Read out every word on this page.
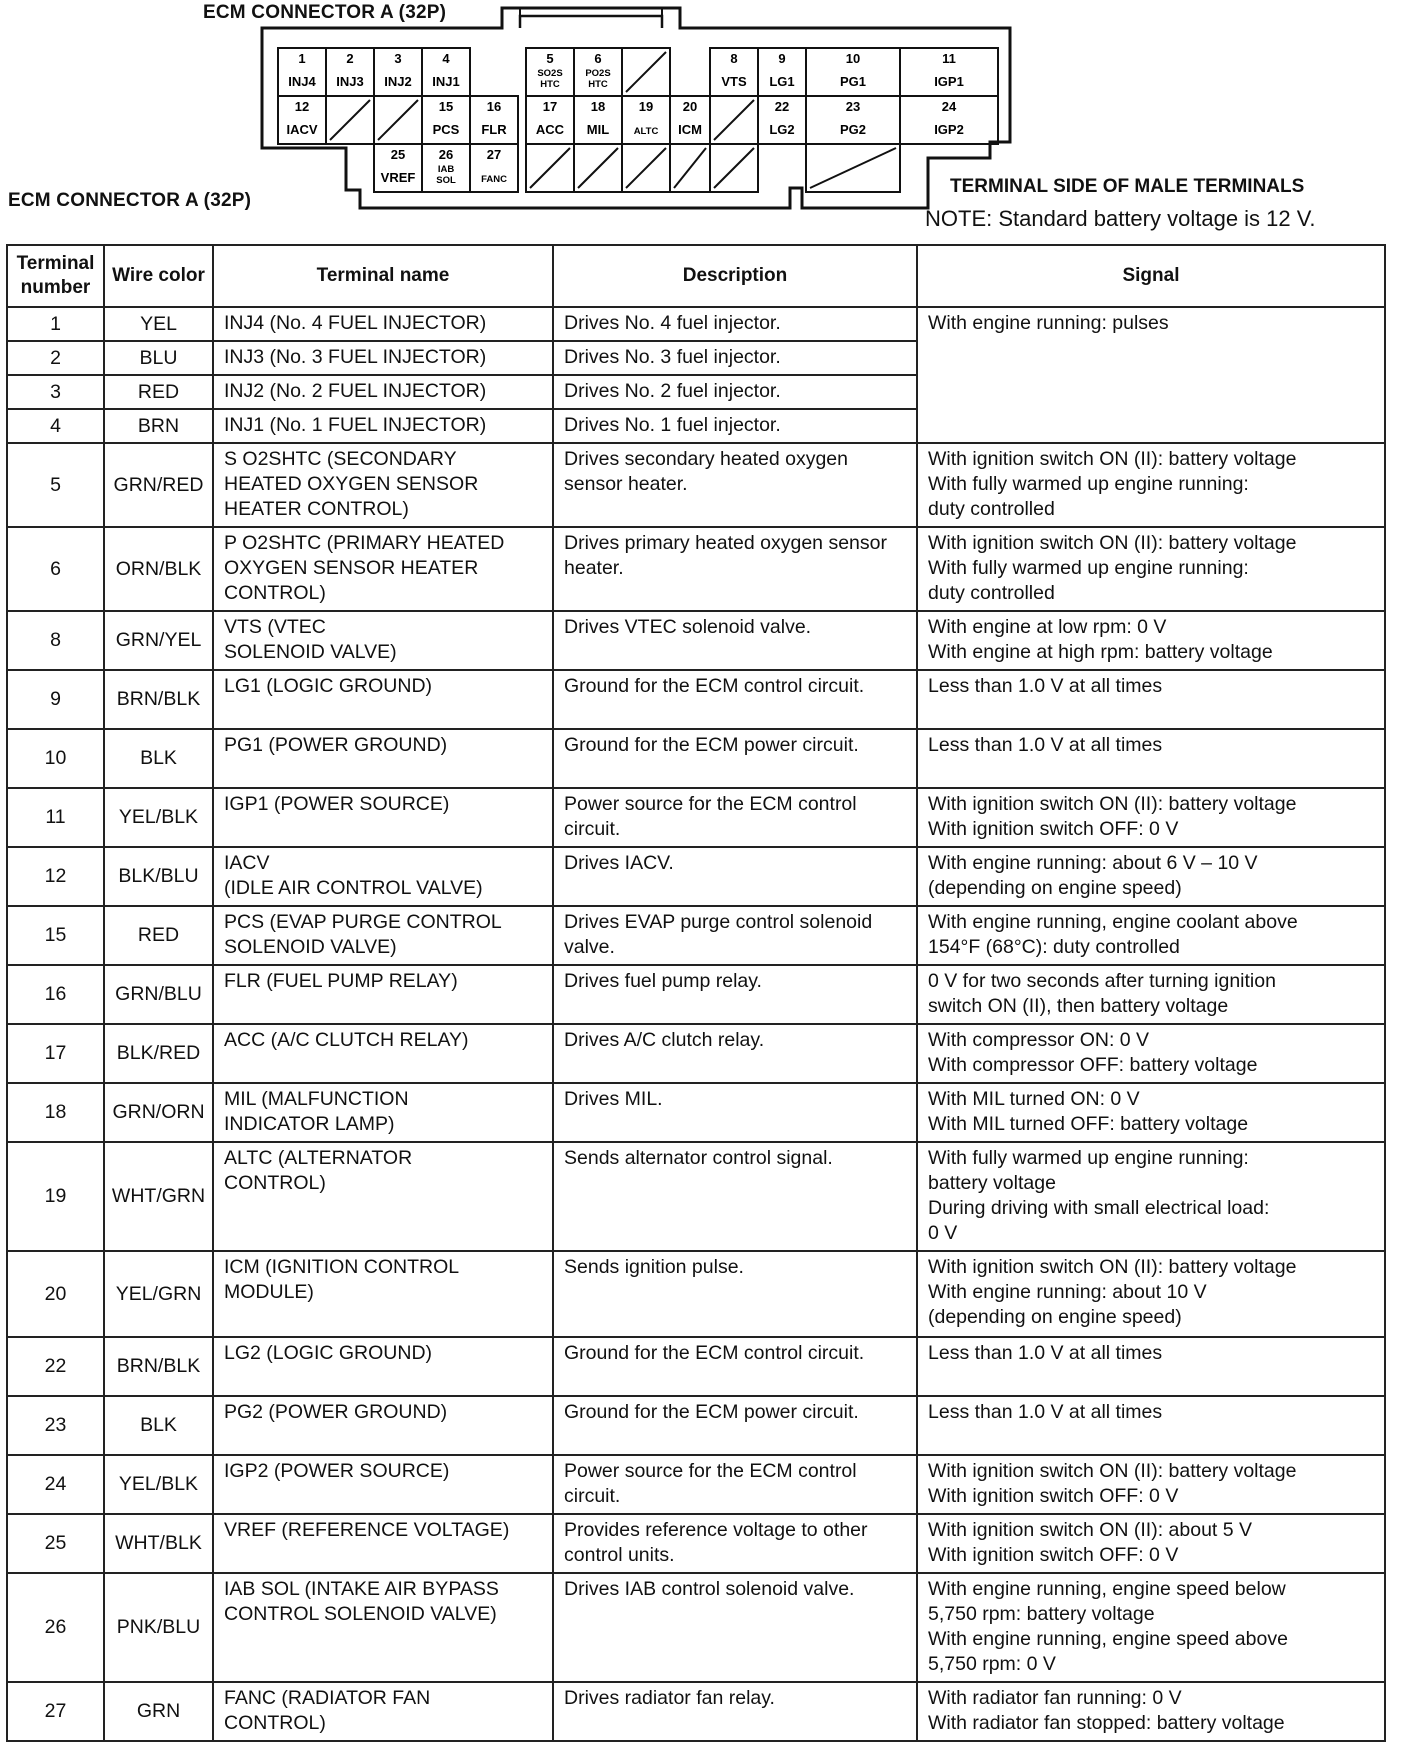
ECM CONNECTOR A (32P)
ECM CONNECTOR A (32P)
TERMINAL SIDE OF MALE TERMINALS
NOTE: Standard battery voltage is 12 V.
1
INJ4
2
INJ3
3
INJ2
4
INJ1
5
SO2S
HTC
6
PO2S
HTC
8
VTS
9
LG1
10
PG1
11
IGP1
12
IACV
15
PCS
16
FLR
17
ACC
18
MIL
19
ALTC
20
ICM
22
LG2
23
PG2
24
IGP2
25
VREF
26
IAB
SOL
27
FANC
Terminal number	Wire color	Terminal name	Description	Signal
1	YEL	INJ4 (No. 4 FUEL INJECTOR)	Drives No. 4 fuel injector.	With engine running: pulses
2	BLU	INJ3 (No. 3 FUEL INJECTOR)	Drives No. 3 fuel injector.	
3	RED	INJ2 (No. 2 FUEL INJECTOR)	Drives No. 2 fuel injector.	
4	BRN	INJ1 (No. 1 FUEL INJECTOR)	Drives No. 1 fuel injector.	
5	GRN/RED	S O2SHTC (SECONDARY
HEATED OXYGEN SENSOR
HEATER CONTROL)	Drives secondary heated oxygen sensor heater.	With ignition switch ON (II): battery voltage
With fully warmed up engine running:
duty controlled
6	ORN/BLK	P O2SHTC (PRIMARY HEATED
OXYGEN SENSOR HEATER
CONTROL)	Drives primary heated oxygen sensor heater.	With ignition switch ON (II): battery voltage
With fully warmed up engine running:
duty controlled
8	GRN/YEL	VTS (VTEC
SOLENOID VALVE)	Drives VTEC solenoid valve.	With engine at low rpm: 0 V
With engine at high rpm: battery voltage
9	BRN/BLK	LG1 (LOGIC GROUND)	Ground for the ECM control circuit.	Less than 1.0 V at all times
10	BLK	PG1 (POWER GROUND)	Ground for the ECM power circuit.	Less than 1.0 V at all times
11	YEL/BLK	IGP1 (POWER SOURCE)	Power source for the ECM control circuit.	With ignition switch ON (II): battery voltage
With ignition switch OFF: 0 V
12	BLK/BLU	IACV
(IDLE AIR CONTROL VALVE)	Drives IACV.	With engine running: about 6 V – 10 V
(depending on engine speed)
15	RED	PCS (EVAP PURGE CONTROL
SOLENOID VALVE)	Drives EVAP purge control solenoid valve.	With engine running, engine coolant above
154°F (68°C): duty controlled
16	GRN/BLU	FLR (FUEL PUMP RELAY)	Drives fuel pump relay.	0 V for two seconds after turning ignition
switch ON (II), then battery voltage
17	BLK/RED	ACC (A/C CLUTCH RELAY)	Drives A/C clutch relay.	With compressor ON: 0 V
With compressor OFF: battery voltage
18	GRN/ORN	MIL (MALFUNCTION
INDICATOR LAMP)	Drives MIL.	With MIL turned ON: 0 V
With MIL turned OFF: battery voltage
19	WHT/GRN	ALTC (ALTERNATOR
CONTROL)	Sends alternator control signal.	With fully warmed up engine running:
battery voltage
During driving with small electrical load:
0 V
20	YEL/GRN	ICM (IGNITION CONTROL
MODULE)	Sends ignition pulse.	With ignition switch ON (II): battery voltage
With engine running: about 10 V
(depending on engine speed)
22	BRN/BLK	LG2 (LOGIC GROUND)	Ground for the ECM control circuit.	Less than 1.0 V at all times
23	BLK	PG2 (POWER GROUND)	Ground for the ECM power circuit.	Less than 1.0 V at all times
24	YEL/BLK	IGP2 (POWER SOURCE)	Power source for the ECM control circuit.	With ignition switch ON (II): battery voltage
With ignition switch OFF: 0 V
25	WHT/BLK	VREF (REFERENCE VOLTAGE)	Provides reference voltage to other control units.	With ignition switch ON (II): about 5 V
With ignition switch OFF: 0 V
26	PNK/BLU	IAB SOL (INTAKE AIR BYPASS
CONTROL SOLENOID VALVE)	Drives IAB control solenoid valve.	With engine running, engine speed below
5,750 rpm: battery voltage
With engine running, engine speed above
5,750 rpm: 0 V
27	GRN	FANC (RADIATOR FAN
CONTROL)	Drives radiator fan relay.	With radiator fan running: 0 V
With radiator fan stopped: battery voltage
